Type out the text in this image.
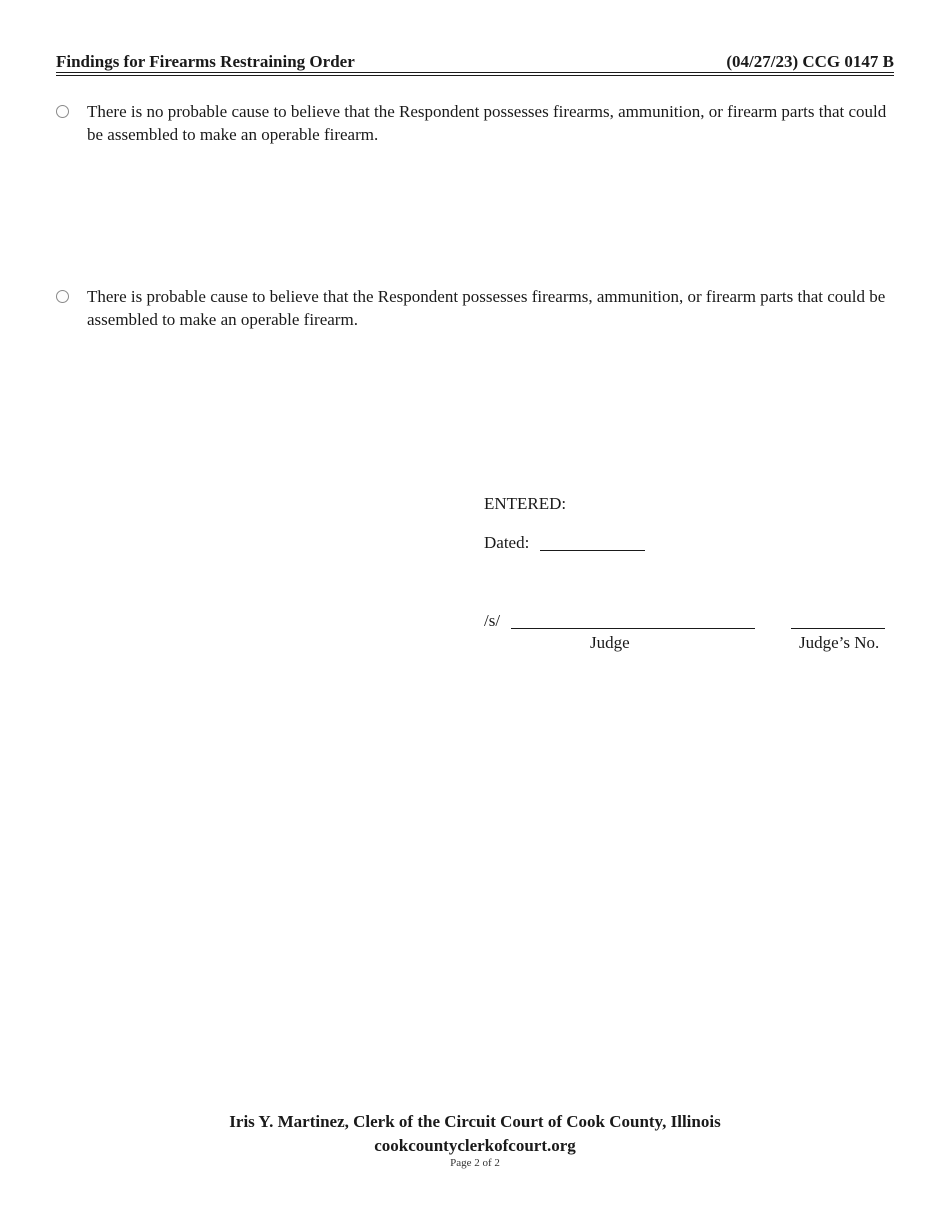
Findings for Firearms Restraining Order	(04/27/23) CCG 0147 B
There is no probable cause to believe that the Respondent possesses firearms, ammunition, or firearm parts that could be assembled to make an operable firearm.
There is probable cause to believe that the Respondent possesses firearms, ammunition, or firearm parts that could be assembled to make an operable firearm.
ENTERED:
Dated:
/s/
Judge	Judge’s No.
Iris Y. Martinez, Clerk of the Circuit Court of Cook County, Illinois
cookcountyclerkofcourt.org
Page 2 of 2
